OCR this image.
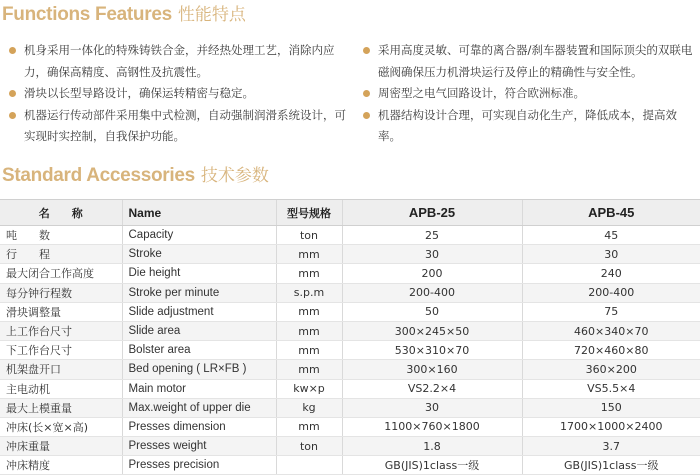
Functions Features 性能特点
机身采用一体化的特殊铸铁合金，并经热处理工艺，消除内应力，确保高精度、高钢性及抗震性。
滑块以长型导路设计，确保运转精密与稳定。
机器运行传动部件采用集中式检测，自动强制润滑系统设计，可实现时实控制，自我保护功能。
采用高度灵敏、可靠的离合器/刹车器装置和国际顶尖的双联电磁阀确保压力机滑块运行及停止的精确性与安全性。
周密型之电气回路设计，符合欧洲标准。
机器结构设计合理，可实现自动化生产，降低成本，提高效率。
Standard Accessories 技术参数
名　　称	Name	型号规格	APB-25	APB-45
吨　　数	Capacity	ton	25	45
行　　程	Stroke	mm	30	30
最大闭合工作高度	Die height	mm	200	240
每分钟行程数	Stroke per minute	s.p.m	200-400	200-400
滑块调整量	Slide adjustment	mm	50	75
上工作台尺寸	Slide area	mm	300×245×50	460×340×70
下工作台尺寸	Bolster area	mm	530×310×70	720×460×80
机架盘开口	Bed opening ( LR×FB )	mm	300×160	360×200
主电动机	Main motor	kw×p	VS2.2×4	VS5.5×4
最大上模重量	Max.weight of upper die	kg	30	150
冲床(长×宽×高)	Presses dimension	mm	1100×760×1800	1700×1000×2400
冲床重量	Presses weight	ton	1.8	3.7
冲床精度	Presses precision		GB(JIS)1class一级	GB(JIS)1class一级
